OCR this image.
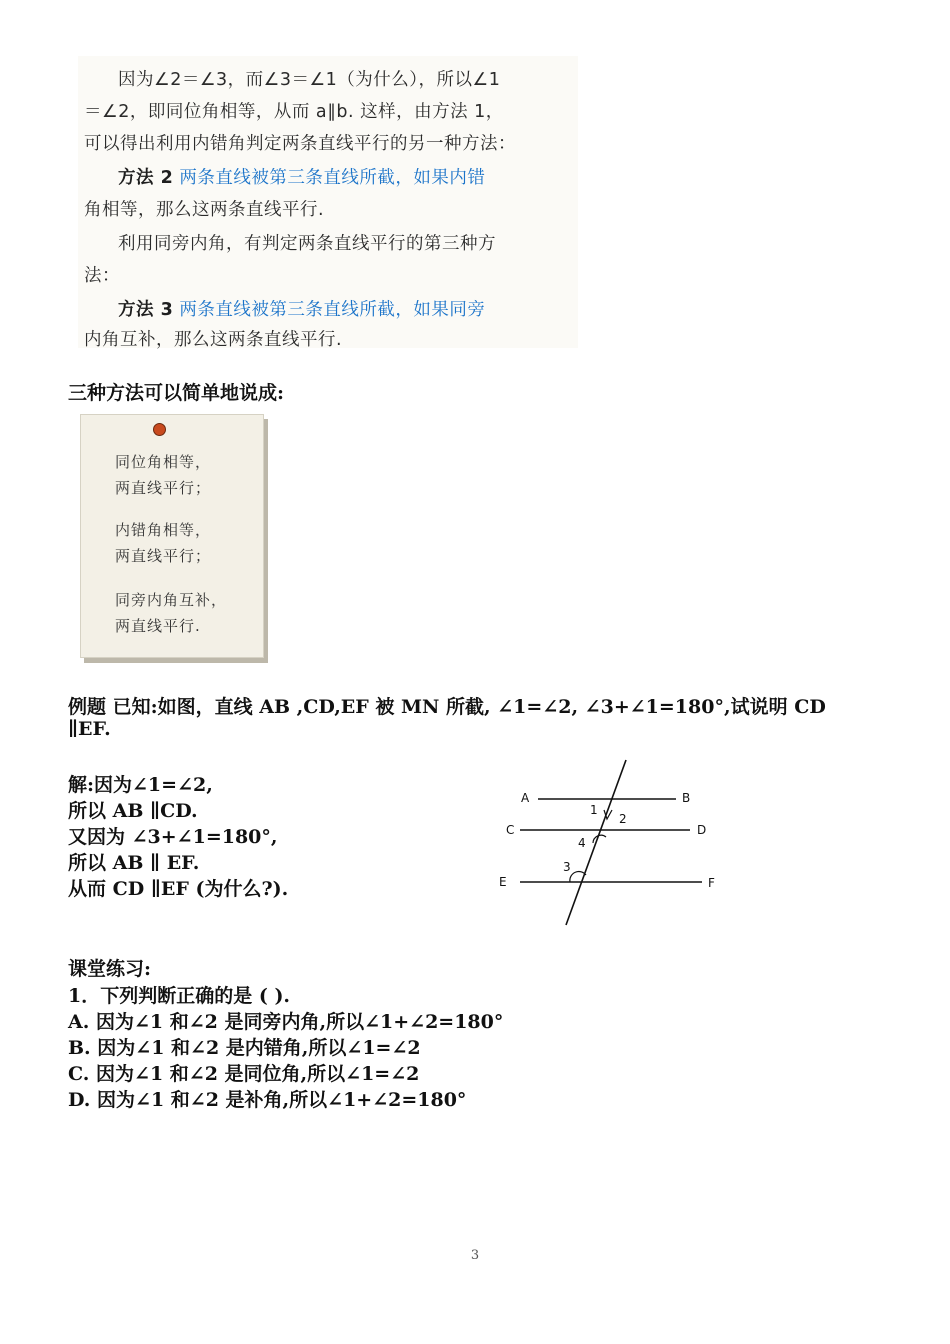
因为∠2＝∠3，而∠3＝∠1（为什么），所以∠1
＝∠2，即同位角相等，从而 a∥b. 这样，由方法 1，
可以得出利用内错角判定两条直线平行的另一种方法：
方法 2 两条直线被第三条直线所截，如果内错
角相等，那么这两条直线平行.
利用同旁内角，有判定两条直线平行的第三种方
法：
方法 3 两条直线被第三条直线所截，如果同旁
内角互补，那么这两条直线平行.
三种方法可以简单地说成:
同位角相等，
两直线平行；
内错角相等，
两直线平行；
同旁内角互补，
两直线平行.
例题 已知:如图，直线 AB ,CD,EF 被 MN 所截, ∠1=∠2, ∠3+∠1=180°,试说明 CD
∥EF.
解:因为∠1=∠2,
所以 AB ∥CD.
又因为 ∠3+∠1=180°,
所以 AB ∥ EF.
从而 CD ∥EF (为什么?).
A	B
C	D
E	F
1
2
4
3
课堂练习:
1．下列判断正确的是 ( ).
A. 因为∠1 和∠2 是同旁内角,所以∠1+∠2=180°
B. 因为∠1 和∠2 是内错角,所以∠1=∠2
C. 因为∠1 和∠2 是同位角,所以∠1=∠2
D. 因为∠1 和∠2 是补角,所以∠1+∠2=180°
3
